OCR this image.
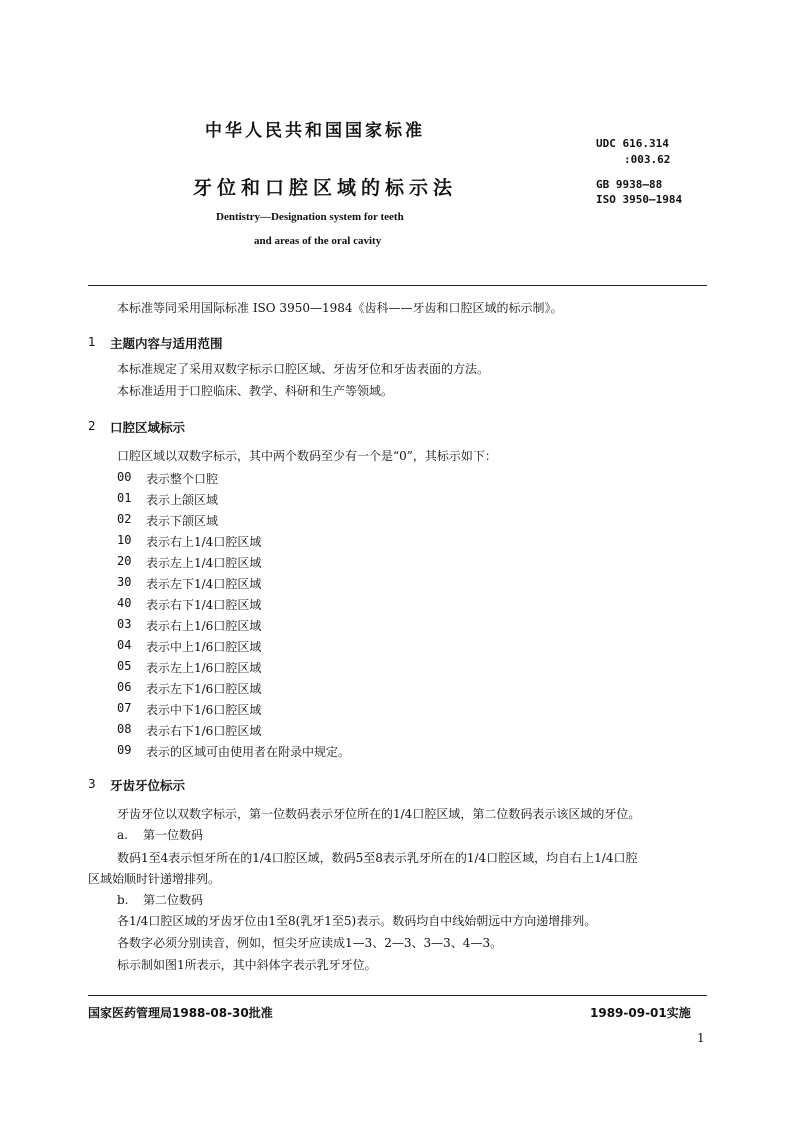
中华人民共和国国家标准
牙位和口腔区域的标示法
Dentistry—Designation system for teeth
and areas of the oral cavity
UDC 616.314
:003.62
GB 9938—88
ISO 3950—1984
本标准等同采用国际标准 ISO 3950—1984《齿科——牙齿和口腔区域的标示制》。
1 主题内容与适用范围
本标准规定了采用双数字标示口腔区域、牙齿牙位和牙齿表面的方法。
本标准适用于口腔临床、教学、科研和生产等领域。
2 口腔区域标示
口腔区域以双数字标示，其中两个数码至少有一个是“0”，其标示如下：
00 表示整个口腔
01 表示上颌区域
02 表示下颌区域
10 表示右上1/4口腔区域
20 表示左上1/4口腔区域
30 表示左下1/4口腔区域
40 表示右下1/4口腔区域
03 表示右上1/6口腔区域
04 表示中上1/6口腔区域
05 表示左上1/6口腔区域
06 表示左下1/6口腔区域
07 表示中下1/6口腔区域
08 表示右下1/6口腔区域
09 表示的区域可由使用者在附录中规定。
3 牙齿牙位标示
牙齿牙位以双数字标示，第一位数码表示牙位所在的1/4口腔区域，第二位数码表示该区域的牙位。
a. 第一位数码
数码1至4表示恒牙所在的1/4口腔区域，数码5至8表示乳牙所在的1/4口腔区域，均自右上1/4口腔
区域始顺时针递增排列。
b. 第二位数码
各1/4口腔区域的牙齿牙位由1至8(乳牙1至5)表示。数码均自中线始朝远中方向递增排列。
各数字必须分别读音，例如，恒尖牙应读成1—3、2—3、3—3、4—3。
标示制如图1所表示，其中斜体字表示乳牙牙位。
国家医药管理局1988-08-30批准	1989-09-01实施
1
